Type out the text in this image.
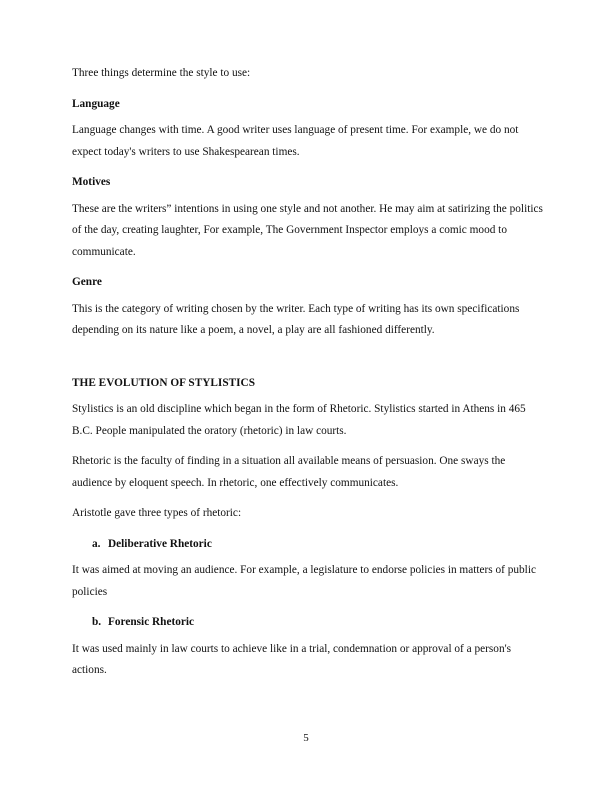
Three things determine the style to use:

Language

Language changes with time. A good writer uses language of present time. For example, we do not expect today's writers to use Shakespearean times.

Motives

These are the writers” intentions in using one style and not another. He may aim at satirizing the politics of the day, creating laughter, For example, The Government Inspector employs a comic mood to communicate.

Genre

This is the category of writing chosen by the writer. Each type of writing has its own specifications depending on its nature like a poem, a novel, a play are all fashioned differently.

THE EVOLUTION OF STYLISTICS

Stylistics is an old discipline which began in the form of Rhetoric. Stylistics started in Athens in 465 B.C. People manipulated the oratory (rhetoric) in law courts.

Rhetoric is the faculty of finding in a situation all available means of persuasion. One sways the audience by eloquent speech. In rhetoric, one effectively communicates.

Aristotle gave three types of rhetoric:

a. Deliberative Rhetoric

It was aimed at moving an audience. For example, a legislature to endorse policies in matters of public policies

b. Forensic Rhetoric

It was used mainly in law courts to achieve like in a trial, condemnation or approval of a person's actions.

5
